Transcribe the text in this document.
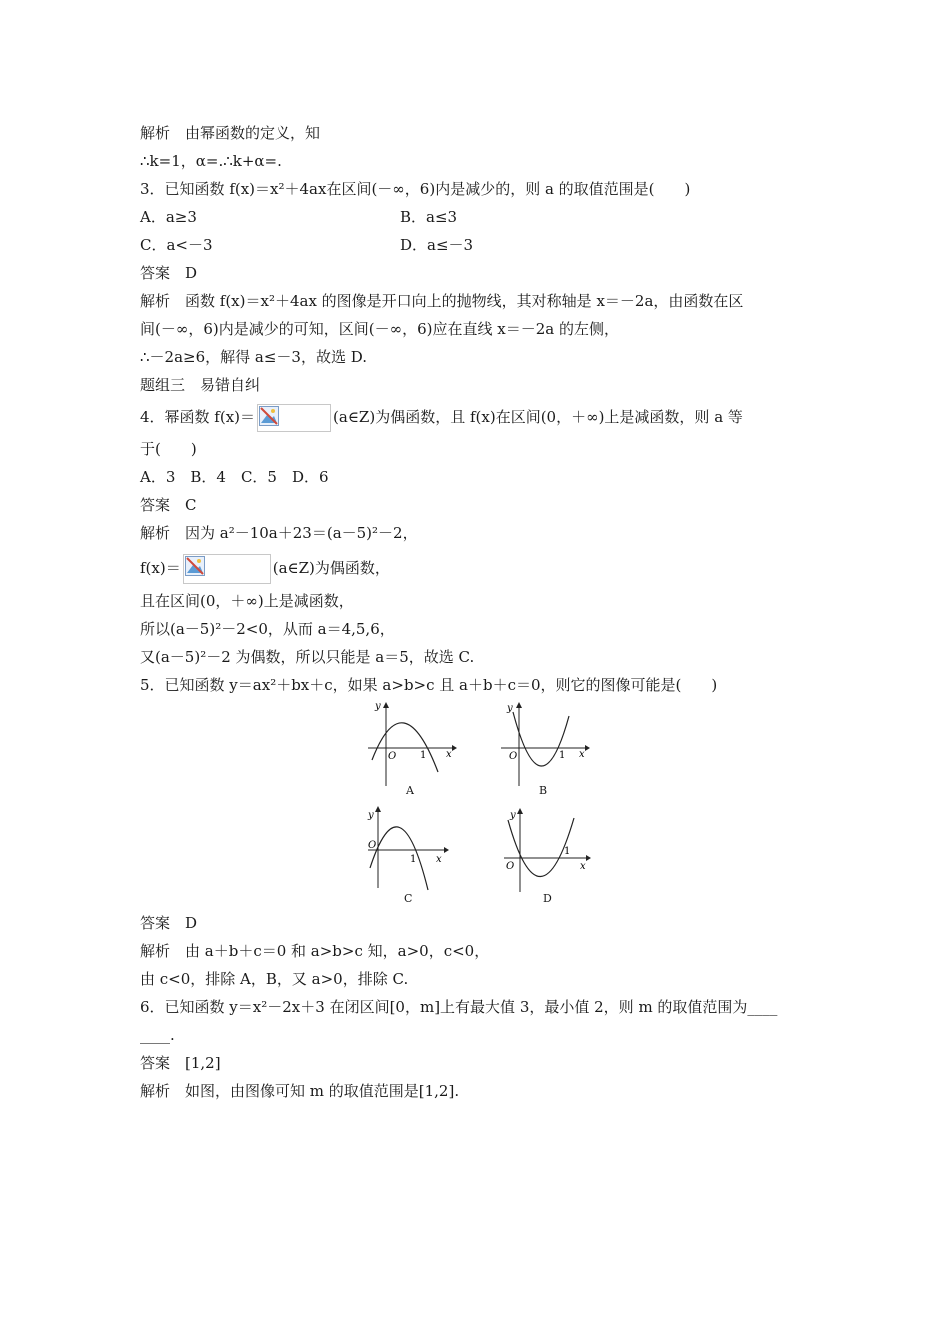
解析　由幂函数的定义，知
∴k=1，α=.∴k+α=.
3．已知函数 f(x)＝x²＋4ax在区间(－∞，6)内是减少的，则 a 的取值范围是(　　)
A．a≥3	B．a≤3
C．a<－3	D．a≤－3
答案　D
解析　函数 f(x)＝x²＋4ax 的图像是开口向上的抛物线，其对称轴是 x＝－2a，由函数在区
间(－∞，6)内是减少的可知，区间(－∞，6)应在直线 x＝－2a 的左侧，
∴－2a≥6，解得 a≤－3，故选 D.
题组三　易错自纠
4．幂函数 f(x)＝	(a∈Z)为偶函数，且 f(x)在区间(0，＋∞)上是减函数，则 a 等
于(　　)
A．3　B．4　C．5　D．6
答案　C
解析　因为 a²－10a＋23＝(a－5)²－2，
f(x)＝	(a∈Z)为偶函数，
且在区间(0，＋∞)上是减函数，
所以(a－5)²－2<0，从而 a＝4,5,6，
又(a－5)²－2 为偶数，所以只能是 a＝5，故选 C.
5．已知函数 y＝ax²＋bx＋c，如果 a>b>c 且 a＋b＋c＝0，则它的图像可能是(　　)
y
x
O 1
A
y
x
O	1
B
y
x
O
1
C
y
x
O
1
D
答案　D
解析　由 a＋b＋c＝0 和 a>b>c 知，a>0，c<0，
由 c<0，排除 A，B，又 a>0，排除 C.
6．已知函数 y＝x²－2x＋3 在闭区间[0，m]上有最大值 3，最小值 2，则 m 的取值范围为____
____.
答案　[1,2]
解析　如图，由图像可知 m 的取值范围是[1,2].
